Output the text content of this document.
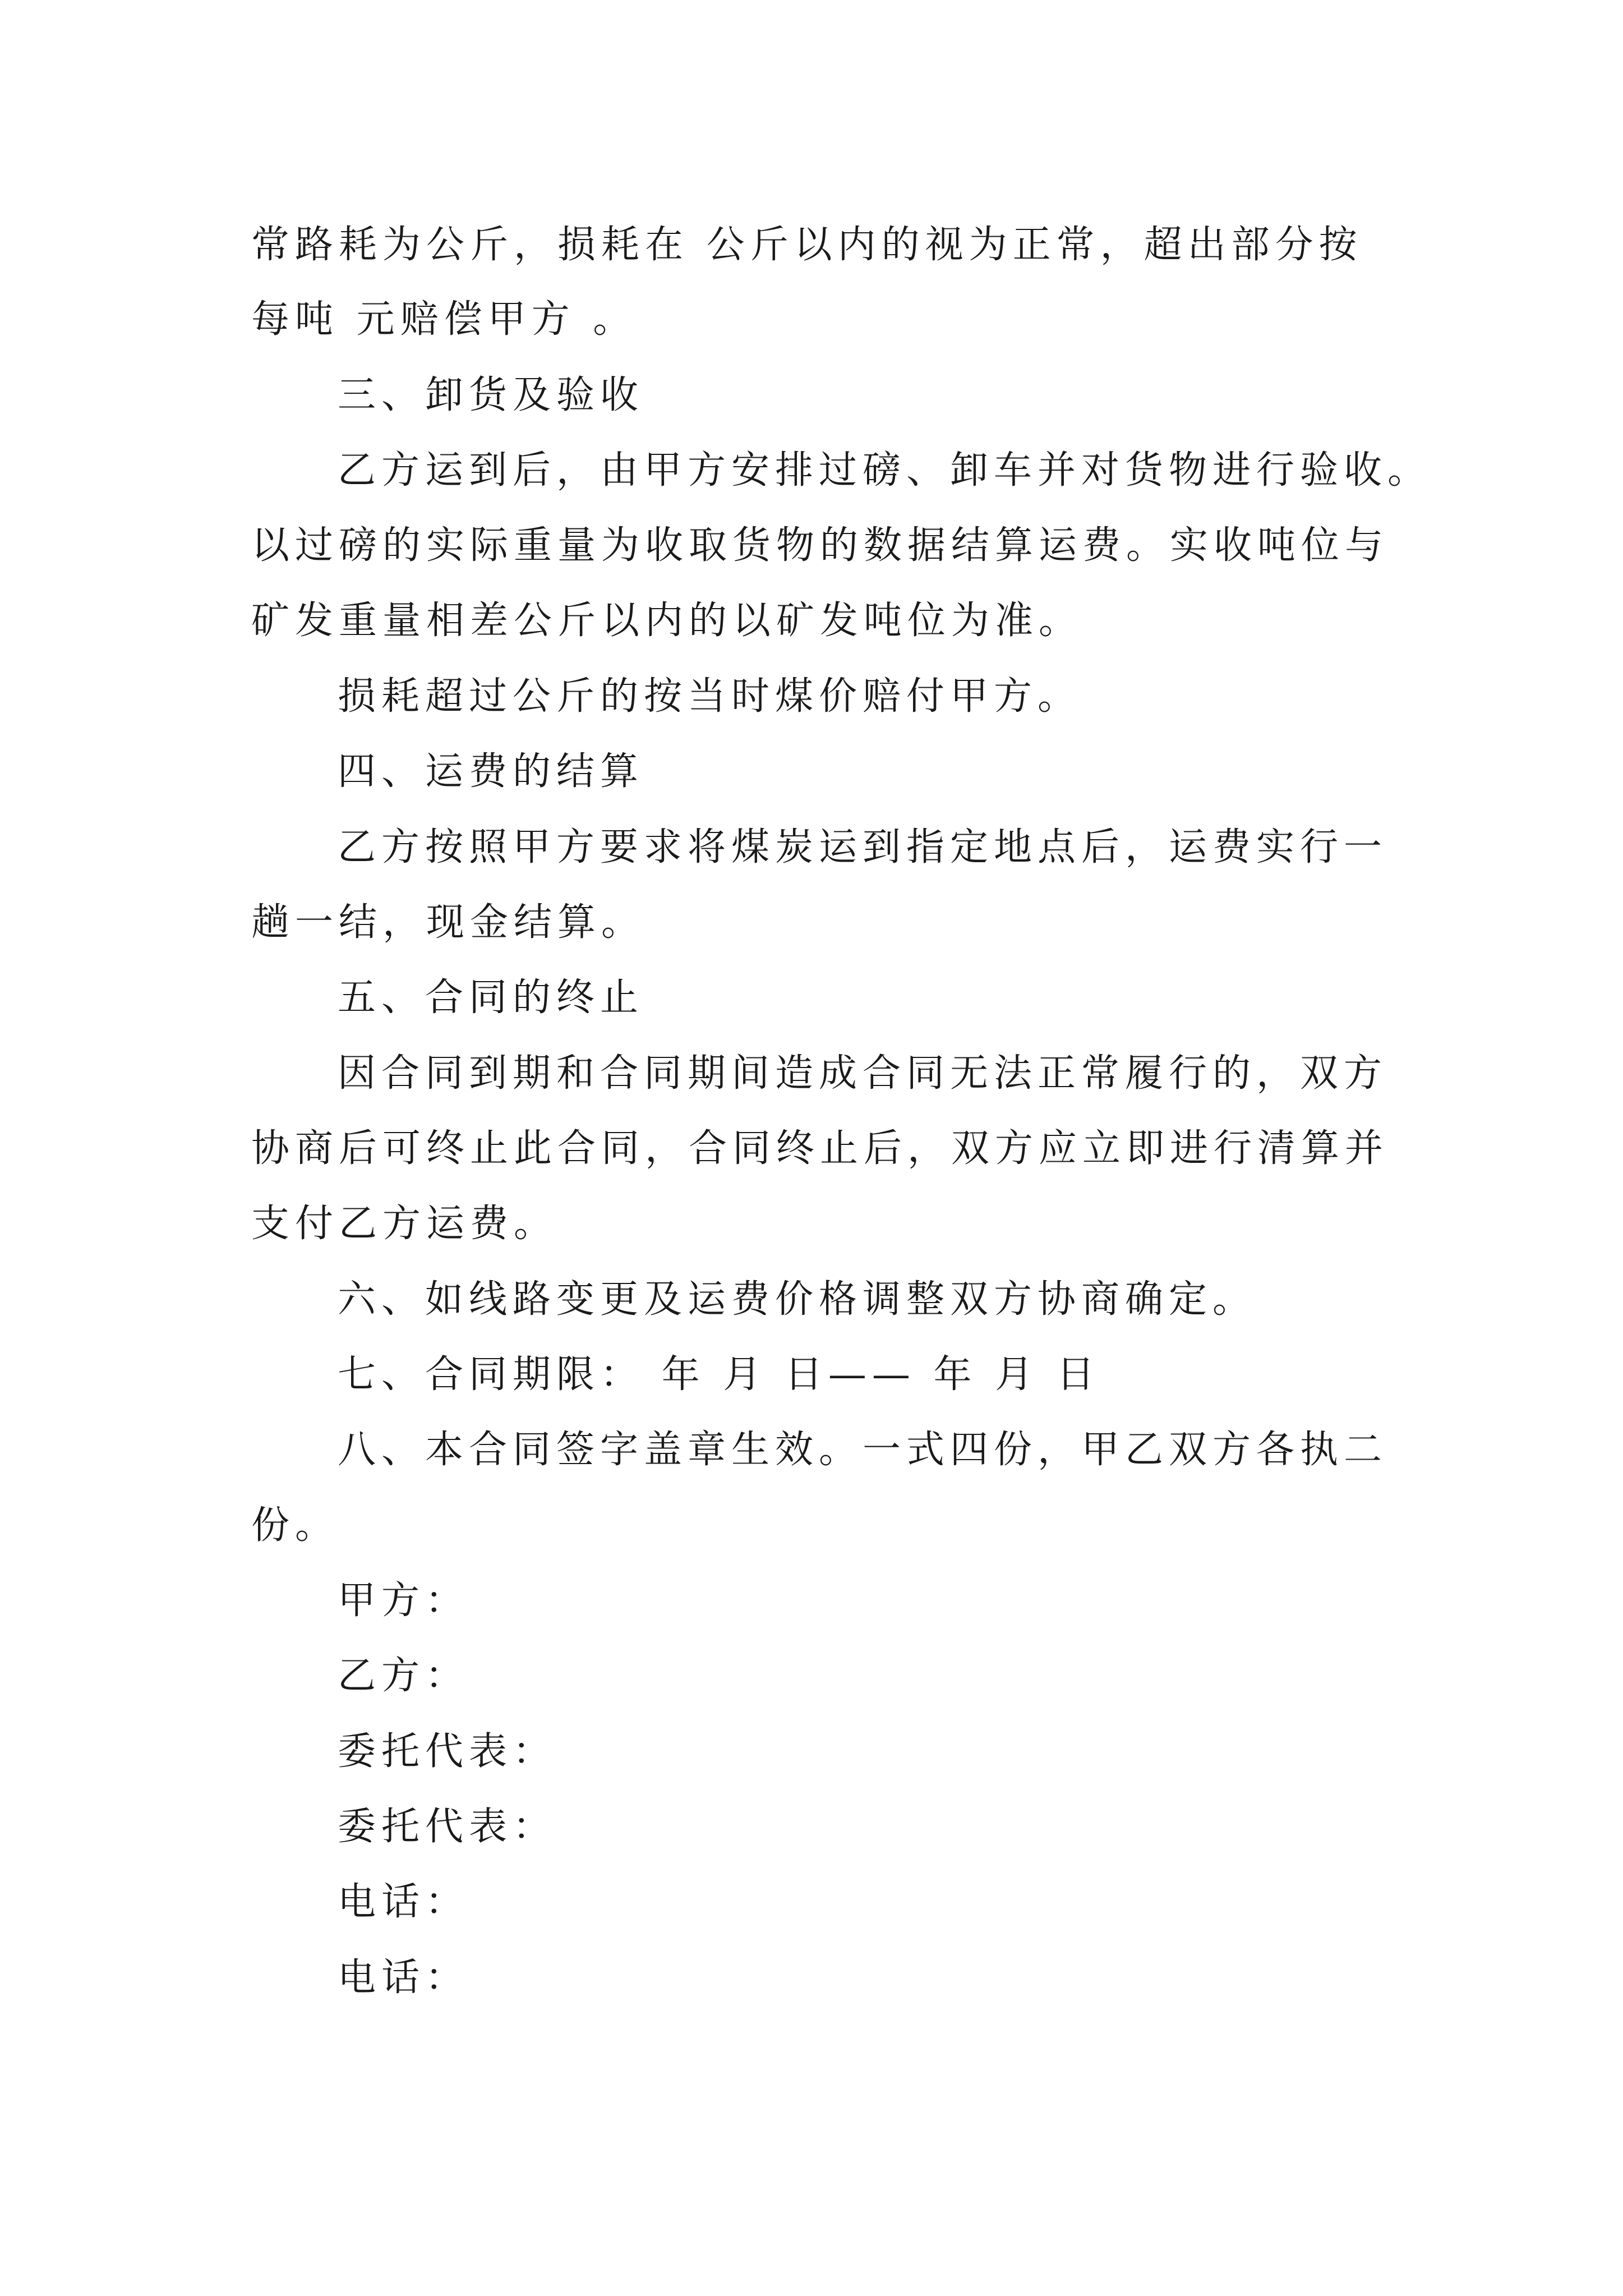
常路耗为公斤，损耗在 公斤以内的视为正常，超出部分按
每吨 元赔偿甲方 。
三、卸货及验收
乙方运到后，由甲方安排过磅、卸车并对货物进行验收。
以过磅的实际重量为收取货物的数据结算运费。实收吨位与
矿发重量相差公斤以内的以矿发吨位为准。
损耗超过公斤的按当时煤价赔付甲方。
四、运费的结算
乙方按照甲方要求将煤炭运到指定地点后，运费实行一
趟一结，现金结算。
五、合同的终止
因合同到期和合同期间造成合同无法正常履行的，双方
协商后可终止此合同，合同终止后，双方应立即进行清算并
支付乙方运费。
六、如线路变更及运费价格调整双方协商确定。
七、合同期限： 年 月 日—— 年 月 日
八、本合同签字盖章生效。一式四份，甲乙双方各执二
份。
甲方：
乙方：
委托代表：
委托代表：
电话：
电话：
